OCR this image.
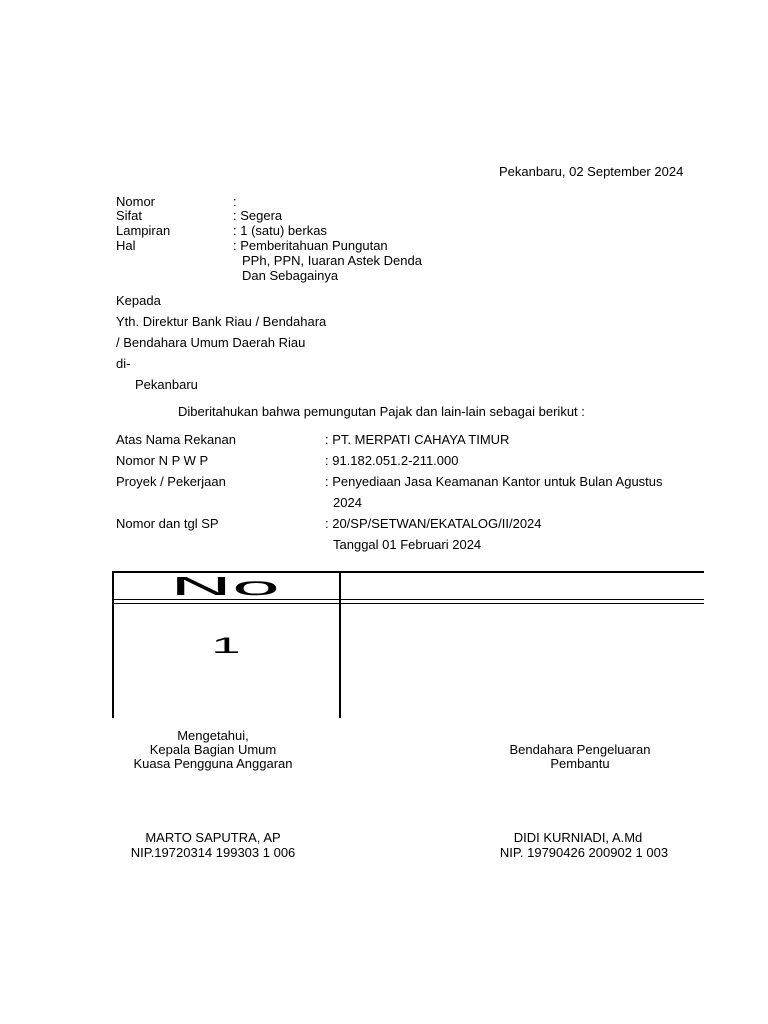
Pekanbaru, 02 September 2024
Nomor	:
Sifat	: Segera
Lampiran	: 1 (satu) berkas
Hal	: Pemberitahuan Pungutan
PPh, PPN, Iuaran Astek Denda
Dan Sebagainya
Kepada
Yth. Direktur Bank Riau / Bendahara
/ Bendahara Umum Daerah Riau
di-
Pekanbaru
Diberitahukan bahwa pemungutan Pajak dan lain-lain sebagai berikut :
Atas Nama Rekanan	: PT. MERPATI CAHAYA TIMUR
Nomor N P W P	: 91.182.051.2-211.000
Proyek / Pekerjaan	: Penyediaan Jasa Keamanan Kantor untuk Bulan Agustus
2024
Nomor dan tgl SP	: 20/SP/SETWAN/EKATALOG/II/2024
Tanggal 01 Februari 2024
No
1
Mengetahui,
Kepala Bagian Umum
Kuasa Pengguna Anggaran
MARTO SAPUTRA, AP
NIP.19720314 199303 1 006
Bendahara Pengeluaran
Pembantu
DIDI KURNIADI, A.Md
NIP. 19790426 200902 1 003
